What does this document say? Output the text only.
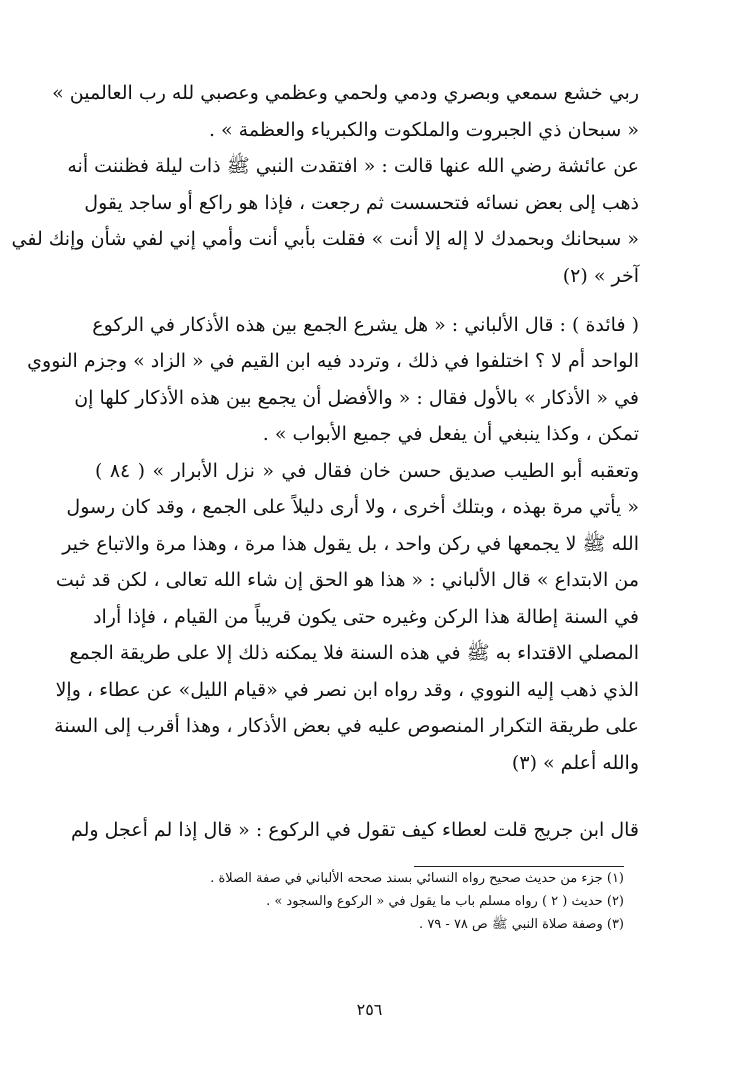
ربي خشع سمعي وبصري ودمي ولحمي وعظمي وعصبي لله رب العالمين »

« سبحان ذي الجبروت والملكوت والكبرياء والعظمة » .

عن عائشة رضي الله عنها قالت : « افتقدت النبي ﷺ ذات ليلة فظننت أنه

ذهب إلى بعض نسائه فتحسست ثم رجعت ، فإذا هو راكع أو ساجد يقول

« سبحانك وبحمدك لا إله إلا أنت » فقلت بأبي أنت وأمي إني لفي شأن وإنك لفي

آخر » (٢)

( فائدة ) : قال الألباني : « هل يشرع الجمع بين هذه الأذكار في الركوع

الواحد أم لا ؟ اختلفوا في ذلك ، وتردد فيه ابن القيم في « الزاد » وجزم النووي

في « الأذكار » بالأول فقال : « والأفضل أن يجمع بين هذه الأذكار كلها إن

تمكن ، وكذا ينبغي أن يفعل في جميع الأبواب » .

وتعقبه أبو الطيب صديق حسن خان فقال في « نزل الأبرار » ( ٨٤ )

« يأتي مرة بهذه ، وبتلك أخرى ، ولا أرى دليلاً على الجمع ، وقد كان رسول

الله ﷺ لا يجمعها في ركن واحد ، بل يقول هذا مرة ، وهذا مرة والاتباع خير

من الابتداع » قال الألباني : « هذا هو الحق إن شاء الله تعالى ، لكن قد ثبت

في السنة إطالة هذا الركن وغيره حتى يكون قريباً من القيام ، فإذا أراد

المصلي الاقتداء به ﷺ في هذه السنة فلا يمكنه ذلك إلا على طريقة الجمع

الذي ذهب إليه النووي ، وقد رواه ابن نصر في «قيام الليل» عن عطاء ، وإلا

على طريقة التكرار المنصوص عليه في بعض الأذكار ، وهذا أقرب إلى السنة

والله أعلم » (٣)

قال ابن جريج قلت لعطاء كيف تقول في الركوع : « قال إذا لم أعجل ولم

(١) جزء من حديث صحيح رواه النسائي بسند صححه الألباني في صفة الصلاة .

(٢) حديث ( ٢ ) رواه مسلم باب ما يقول في « الركوع والسجود » .

(٣) وصفة صلاة النبي ﷺ ص ٧٨ - ٧٩ .

٢٥٦
